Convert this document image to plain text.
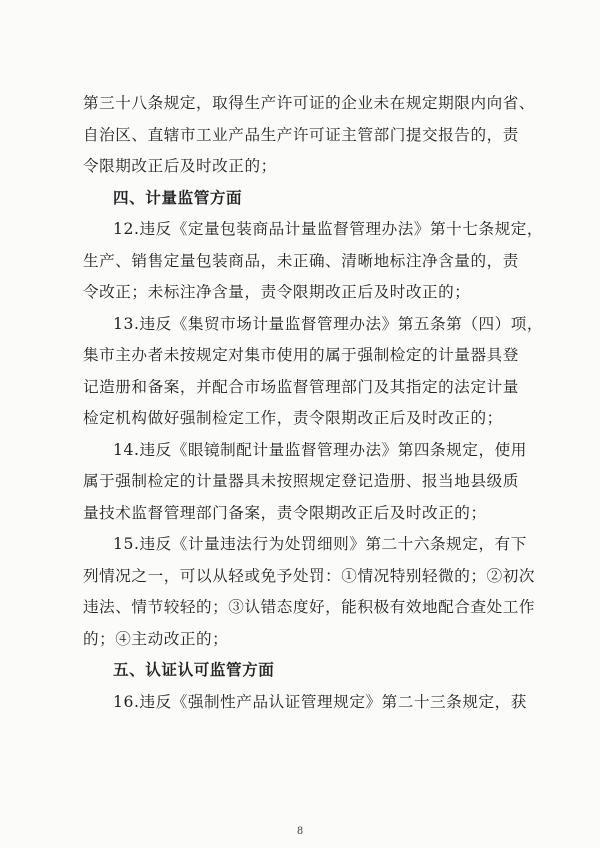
第三十八条规定，取得生产许可证的企业未在规定期限内向省、
自治区、直辖市工业产品生产许可证主管部门提交报告的，责
令限期改正后及时改正的；
四、计量监管方面
12.违反《定量包装商品计量监督管理办法》第十七条规定，
生产、销售定量包装商品，未正确、清晰地标注净含量的，责
令改正；未标注净含量，责令限期改正后及时改正的；
13.违反《集贸市场计量监督管理办法》第五条第（四）项，
集市主办者未按规定对集市使用的属于强制检定的计量器具登
记造册和备案，并配合市场监督管理部门及其指定的法定计量
检定机构做好强制检定工作，责令限期改正后及时改正的；
14.违反《眼镜制配计量监督管理办法》第四条规定，使用
属于强制检定的计量器具未按照规定登记造册、报当地县级质
量技术监督管理部门备案，责令限期改正后及时改正的；
15.违反《计量违法行为处罚细则》第二十六条规定，有下
列情况之一，可以从轻或免予处罚：①情况特别轻微的；②初次
违法、情节较轻的；③认错态度好，能积极有效地配合查处工作
的；④主动改正的；
五、认证认可监管方面
16.违反《强制性产品认证管理规定》第二十三条规定，获
8
